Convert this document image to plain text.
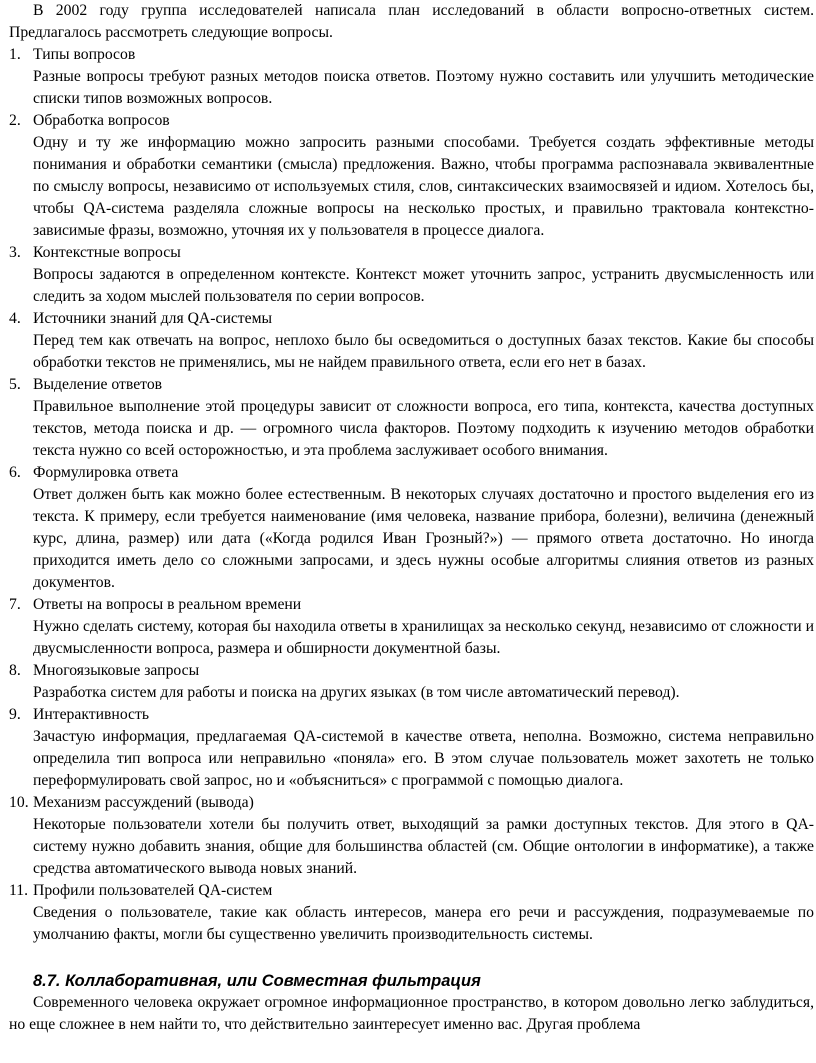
В 2002 году группа исследователей написала план исследований в области вопросно-ответных систем. Предлагалось рассмотреть следующие вопросы.

1. Типы вопросов

Разные вопросы требуют разных методов поиска ответов. Поэтому нужно составить или улучшить методические списки типов возможных вопросов.

2. Обработка вопросов

Одну и ту же информацию можно запросить разными способами. Требуется создать эффективные методы понимания и обработки семантики (смысла) предложения. Важно, чтобы программа распознавала эквивалентные по смыслу вопросы, независимо от используемых стиля, слов, синтаксических взаимосвязей и идиом. Хотелось бы, чтобы QA-система разделяла сложные вопросы на несколько простых, и правильно трактовала контекстно-зависимые фразы, возможно, уточняя их у пользователя в процессе диалога.

3. Контекстные вопросы

Вопросы задаются в определенном контексте. Контекст может уточнить запрос, устранить двусмысленность или следить за ходом мыслей пользователя по серии вопросов.

4. Источники знаний для QA-системы

Перед тем как отвечать на вопрос, неплохо было бы осведомиться о доступных базах текстов. Какие бы способы обработки текстов не применялись, мы не найдем правильного ответа, если его нет в базах.

5. Выделение ответов

Правильное выполнение этой процедуры зависит от сложности вопроса, его типа, контекста, качества доступных текстов, метода поиска и др. — огромного числа факторов. Поэтому подходить к изучению методов обработки текста нужно со всей осторожностью, и эта проблема заслуживает особого внимания.

6. Формулировка ответа

Ответ должен быть как можно более естественным. В некоторых случаях достаточно и простого выделения его из текста. К примеру, если требуется наименование (имя человека, название прибора, болезни), величина (денежный курс, длина, размер) или дата («Когда родился Иван Грозный?») — прямого ответа достаточно. Но иногда приходится иметь дело со сложными запросами, и здесь нужны особые алгоритмы слияния ответов из разных документов.

7. Ответы на вопросы в реальном времени

Нужно сделать систему, которая бы находила ответы в хранилищах за несколько секунд, независимо от сложности и двусмысленности вопроса, размера и обширности документной базы.

8. Многоязыковые запросы

Разработка систем для работы и поиска на других языках (в том числе автоматический перевод).

9. Интерактивность

Зачастую информация, предлагаемая QA-системой в качестве ответа, неполна. Возможно, система неправильно определила тип вопроса или неправильно «поняла» его. В этом случае пользователь может захотеть не только переформулировать свой запрос, но и «объясниться» с программой с помощью диалога.

10. Механизм рассуждений (вывода)

Некоторые пользователи хотели бы получить ответ, выходящий за рамки доступных текстов. Для этого в QA-систему нужно добавить знания, общие для большинства областей (см. Общие онтологии в информатике), а также средства автоматического вывода новых знаний.

11. Профили пользователей QA-систем

Сведения о пользователе, такие как область интересов, манера его речи и рассуждения, подразумеваемые по умолчанию факты, могли бы существенно увеличить производительность системы.

8.7. Коллаборативная, или Совместная фильтрация

Современного человека окружает огромное информационное пространство, в котором довольно легко заблудиться, но еще сложнее в нем найти то, что действительно заинтересует именно вас. Другая проблема
